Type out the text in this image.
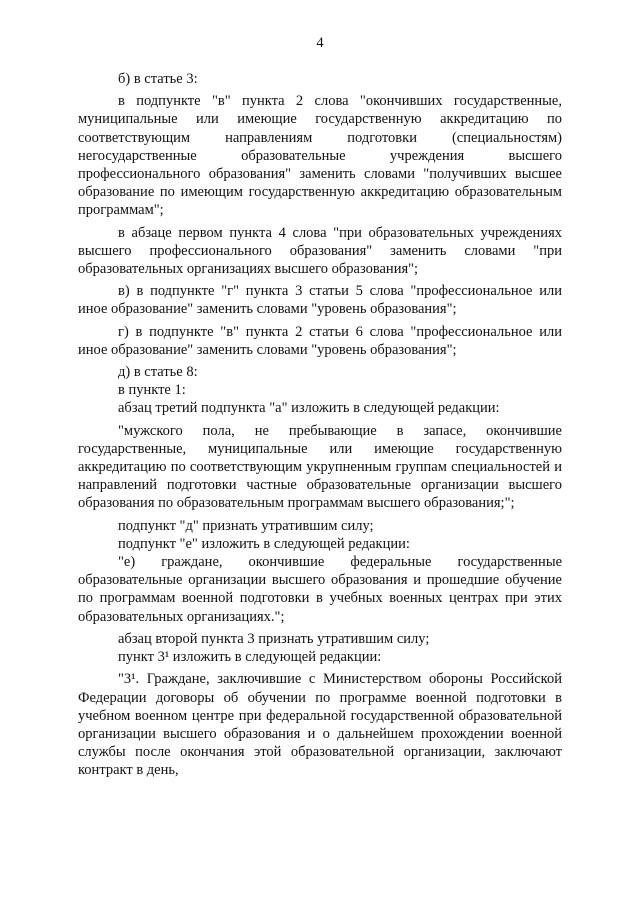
4

б) в статье 3:

в подпункте "в" пункта 2 слова "окончивших государственные, муниципальные или имеющие государственную аккредитацию по соответствующим направлениям подготовки (специальностям) негосударственные образовательные учреждения высшего профессионального образования" заменить словами "получивших высшее образование по имеющим государственную аккредитацию образовательным программам";

в абзаце первом пункта 4 слова "при образовательных учреждениях высшего профессионального образования" заменить словами "при образовательных организациях высшего образования";

в) в подпункте "г" пункта 3 статьи 5 слова "профессиональное или иное образование" заменить словами "уровень образования";

г) в подпункте "в" пункта 2 статьи 6 слова "профессиональное или иное образование" заменить словами "уровень образования";

д) в статье 8:

в пункте 1:

абзац третий подпункта "а" изложить в следующей редакции:

"мужского пола, не пребывающие в запасе, окончившие государственные, муниципальные или имеющие государственную аккредитацию по соответствующим укрупненным группам специальностей и направлений подготовки частные образовательные организации высшего образования по образовательным программам высшего образования;";

подпункт "д" признать утратившим силу;

подпункт "е" изложить в следующей редакции:

"е) граждане, окончившие федеральные государственные образовательные организации высшего образования и прошедшие обучение по программам военной подготовки в учебных военных центрах при этих образовательных организациях.";

абзац второй пункта 3 признать утратившим силу;

пункт 3¹ изложить в следующей редакции:

"3¹. Граждане, заключившие с Министерством обороны Российской Федерации договоры об обучении по программе военной подготовки в учебном военном центре при федеральной государственной образовательной организации высшего образования и о дальнейшем прохождении военной службы после окончания этой образовательной организации, заключают контракт в день,
